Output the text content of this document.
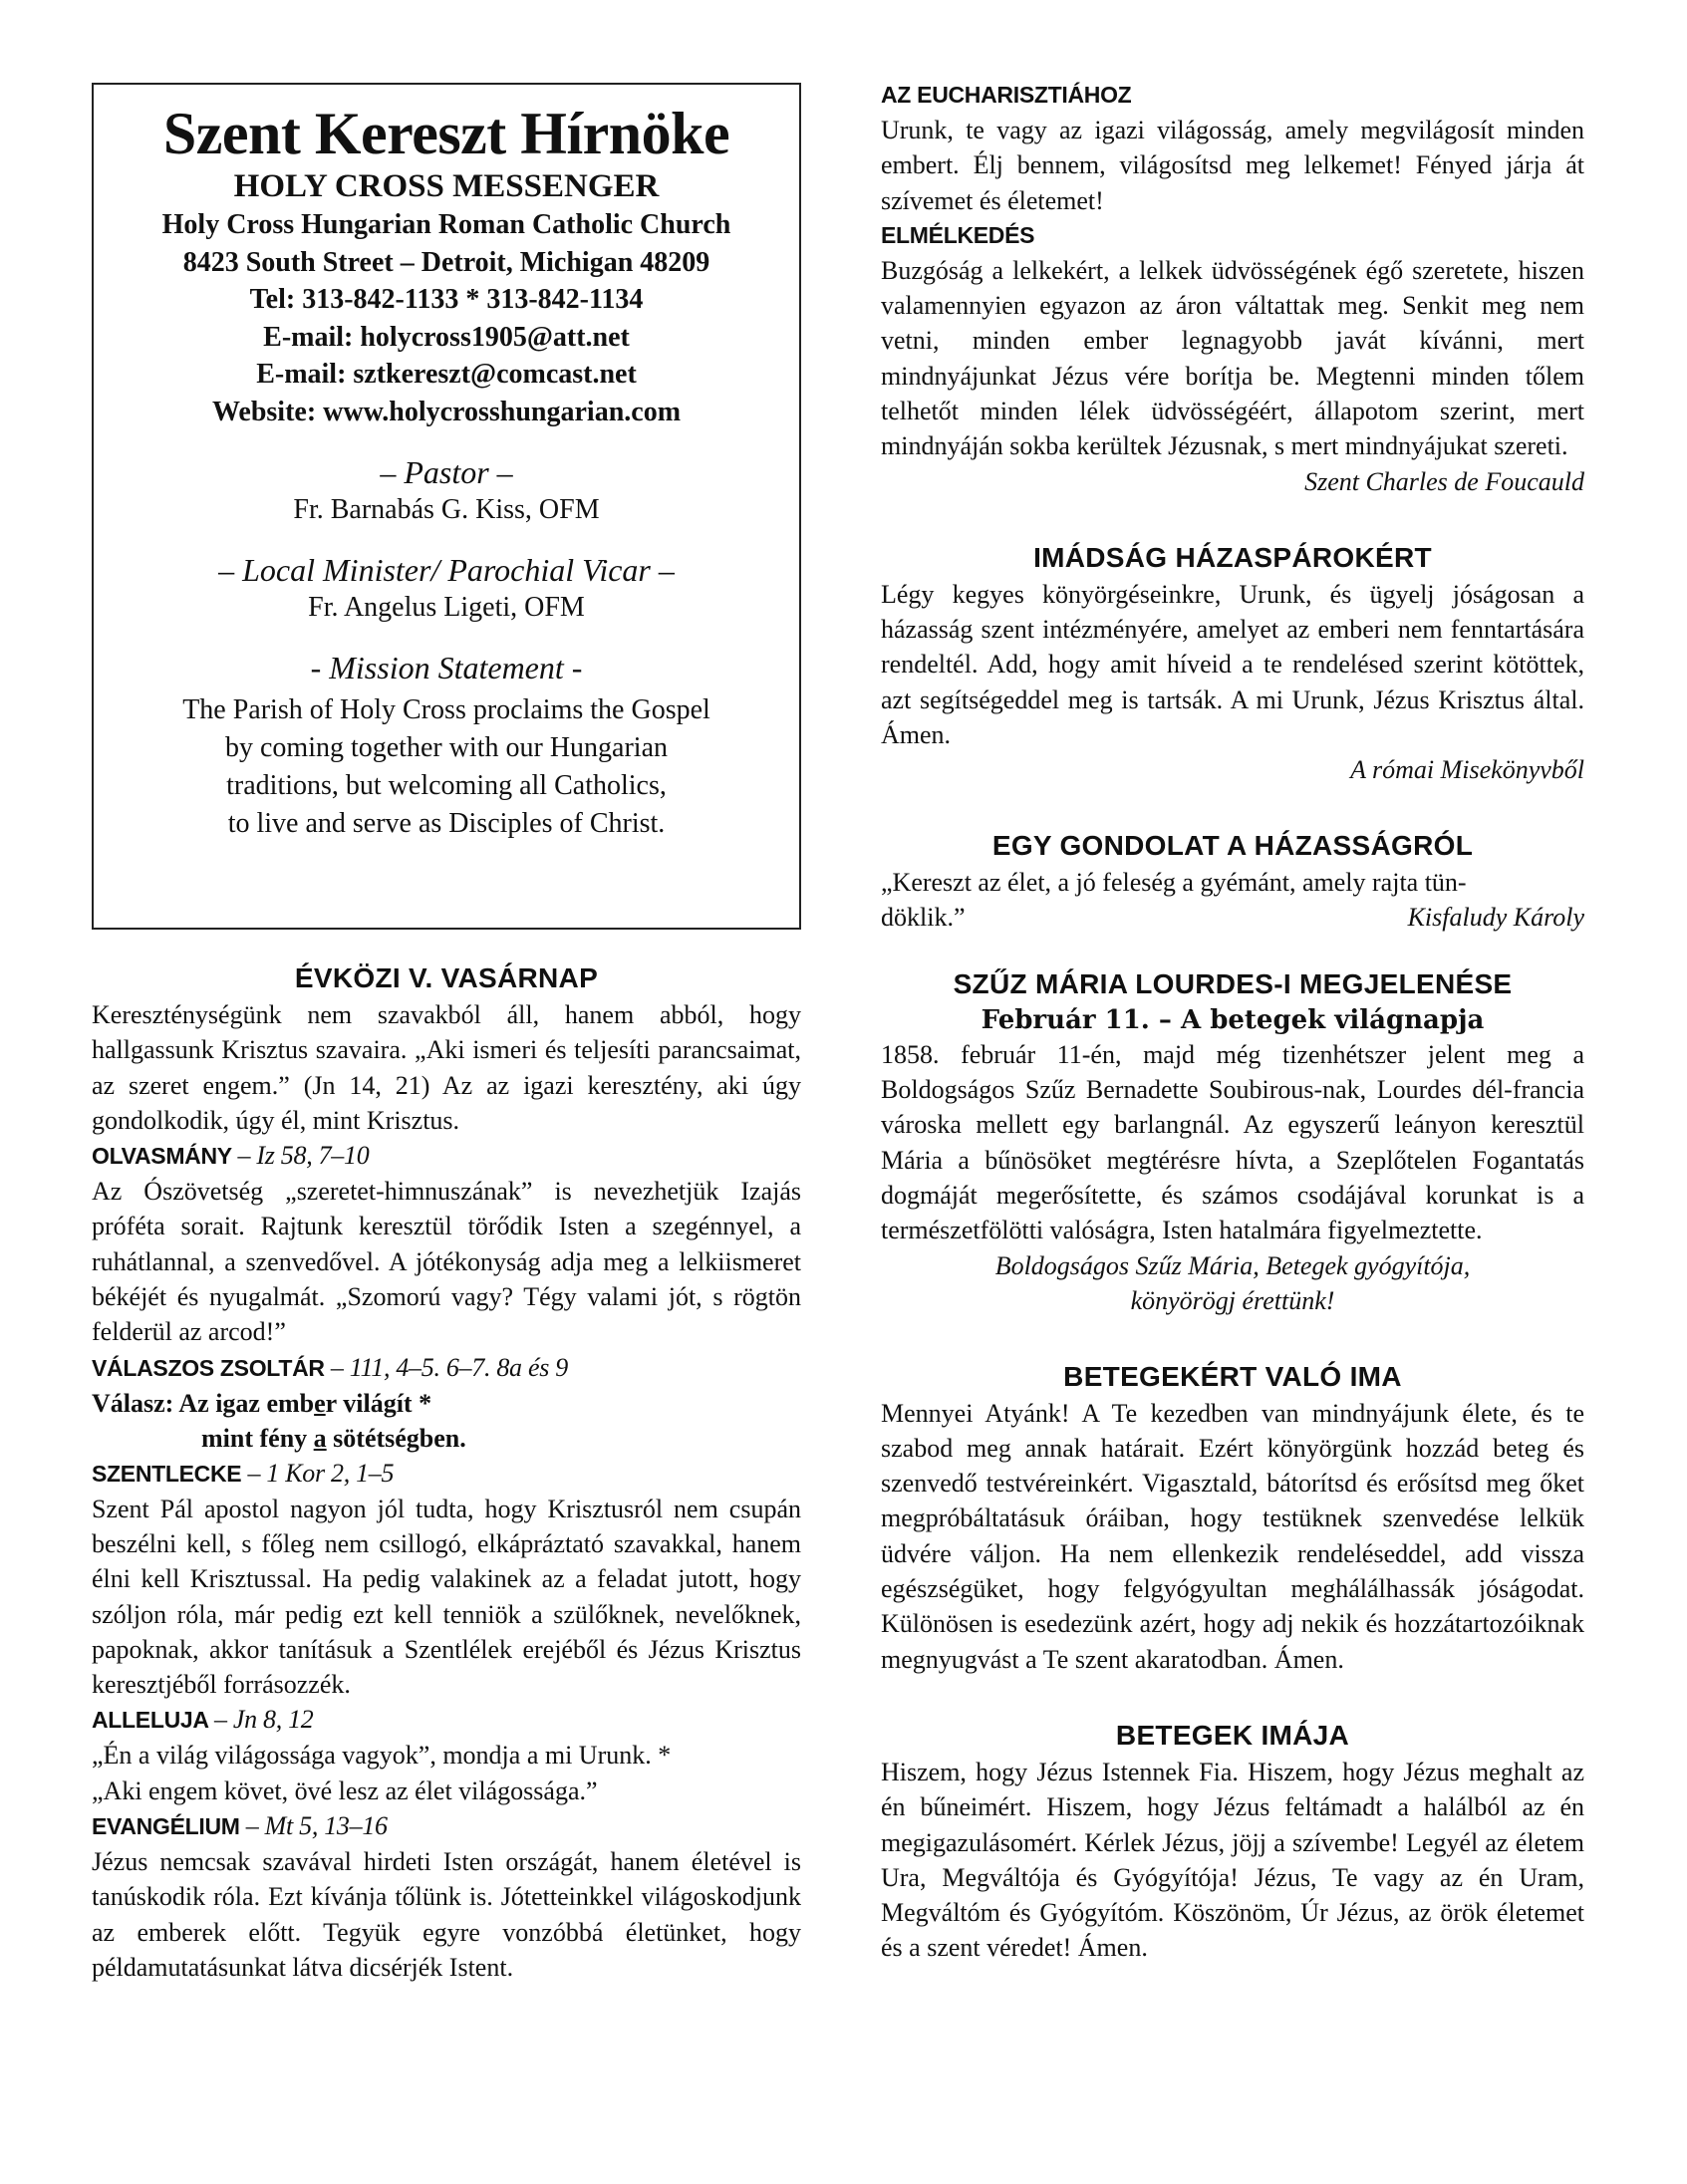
Szent Kereszt Hírnöke
HOLY CROSS MESSENGER
Holy Cross Hungarian Roman Catholic Church
8423 South Street – Detroit, Michigan 48209
Tel: 313-842-1133 * 313-842-1134
E-mail: holycross1905@att.net
E-mail: sztkereszt@comcast.net
Website: www.holycrosshungarian.com
– Pastor –
Fr. Barnabás G. Kiss, OFM
– Local Minister/ Parochial Vicar –
Fr. Angelus Ligeti, OFM
- Mission Statement -
The Parish of Holy Cross proclaims the Gospel
by coming together with our Hungarian
traditions, but welcoming all Catholics,
to live and serve as Disciples of Christ.
ÉVKÖZI V. VASÁRNAP
Kereszténységünk nem szavakból áll, hanem abból, hogy hallgassunk Krisztus szavaira. „Aki ismeri és teljesíti parancsaimat, az szeret engem.” (Jn 14, 21) Az az igazi keresztény, aki úgy gondolkodik, úgy él, mint Krisztus.
OLVASMÁNY – Iz 58, 7–10
Az Ószövetség „szeretet-himnuszának” is nevezhetjük Izajás próféta sorait. Rajtunk keresztül törődik Isten a szegénnyel, a ruhátlannal, a szenvedővel. A jótékonyság adja meg a lelkiismeret békéjét és nyugalmát. „Szomorú vagy? Tégy valami jót, s rögtön felderül az arcod!”
VÁLASZOS ZSOLTÁR – 111, 4–5. 6–7. 8a és 9
Válasz: Az igaz ember világít *
mint fény a sötétségben.
SZENTLECKE – 1 Kor 2, 1–5
Szent Pál apostol nagyon jól tudta, hogy Krisztusról nem csupán beszélni kell, s főleg nem csillogó, elkápráztató szavakkal, hanem élni kell Krisztussal. Ha pedig valakinek az a feladat jutott, hogy szóljon róla, már pedig ezt kell tenniök a szülőknek, nevelőknek, papoknak, akkor tanításuk a Szentlélek erejéből és Jézus Krisztus keresztjéből forrásozzék.
ALLELUJA – Jn 8, 12
„Én a világ világossága vagyok”, mondja a mi Urunk. *
„Aki engem követ, övé lesz az élet világossága.”
EVANGÉLIUM – Mt 5, 13–16
Jézus nemcsak szavával hirdeti Isten országát, hanem életével is tanúskodik róla. Ezt kívánja tőlünk is. Jótetteinkkel világoskodjunk az emberek előtt. Tegyük egyre vonzóbbá életünket, hogy példamutatásunkat látva dicsérjék Istent.
AZ EUCHARISZTIÁHOZ
Urunk, te vagy az igazi világosság, amely megvilágosít minden embert. Élj bennem, világosítsd meg lelkemet! Fényed járja át szívemet és életemet!
ELMÉLKEDÉS
Buzgóság a lelkekért, a lelkek üdvösségének égő szeretete, hiszen valamennyien egyazon az áron váltattak meg. Senkit meg nem vetni, minden ember legnagyobb javát kívánni, mert mindnyájunkat Jézus vére borítja be. Megtenni minden tőlem telhetőt minden lélek üdvösségéért, állapotom szerint, mert mindnyáján sokba kerültek Jézusnak, s mert mindnyájukat szereti.
Szent Charles de Foucauld
IMÁDSÁG HÁZASPÁROKÉRT
Légy kegyes könyörgéseinkre, Urunk, és ügyelj jóságosan a házasság szent intézményére, amelyet az emberi nem fenntartására rendeltél. Add, hogy amit híveid a te rendelésed szerint kötöttek, azt segítségeddel meg is tartsák. A mi Urunk, Jézus Krisztus által. Ámen.
A római Misekönyvből
EGY GONDOLAT A HÁZASSÁGRÓL
„Kereszt az élet, a jó feleség a gyémánt, amely rajta tün-
döklik.”	Kisfaludy Károly
SZŰZ MÁRIA LOURDES-I MEGJELENÉSE
Február 11. – A betegek világnapja
1858. február 11-én, majd még tizenhétszer jelent meg a Boldogságos Szűz Bernadette Soubirous-nak, Lourdes dél-francia városka mellett egy barlangnál. Az egyszerű leányon keresztül Mária a bűnösöket megtérésre hívta, a Szeplőtelen Fogantatás dogmáját megerősítette, és számos csodájával korunkat is a természetfölötti valóságra, Isten hatalmára figyelmeztette.
Boldogságos Szűz Mária, Betegek gyógyítója,
könyörögj érettünk!
BETEGEKÉRT VALÓ IMA
Mennyei Atyánk! A Te kezedben van mindnyájunk élete, és te szabod meg annak határait. Ezért könyörgünk hozzád beteg és szenvedő testvéreinkért. Vigasztald, bátorítsd és erősítsd meg őket megpróbáltatásuk óráiban, hogy testüknek szenvedése lelkük üdvére váljon. Ha nem ellenkezik rendeléseddel, add vissza egészségüket, hogy felgyógyultan meghálálhassák jóságodat. Különösen is esedezünk azért, hogy adj nekik és hozzátartozóiknak megnyugvást a Te szent akaratodban. Ámen.
BETEGEK IMÁJA
Hiszem, hogy Jézus Istennek Fia. Hiszem, hogy Jézus meghalt az én bűneimért. Hiszem, hogy Jézus feltámadt a halálból az én megigazulásomért. Kérlek Jézus, jöjj a szívembe! Legyél az életem Ura, Megváltója és Gyógyítója! Jézus, Te vagy az én Uram, Megváltóm és Gyógyítóm. Köszönöm, Úr Jézus, az örök életemet és a szent véredet! Ámen.
